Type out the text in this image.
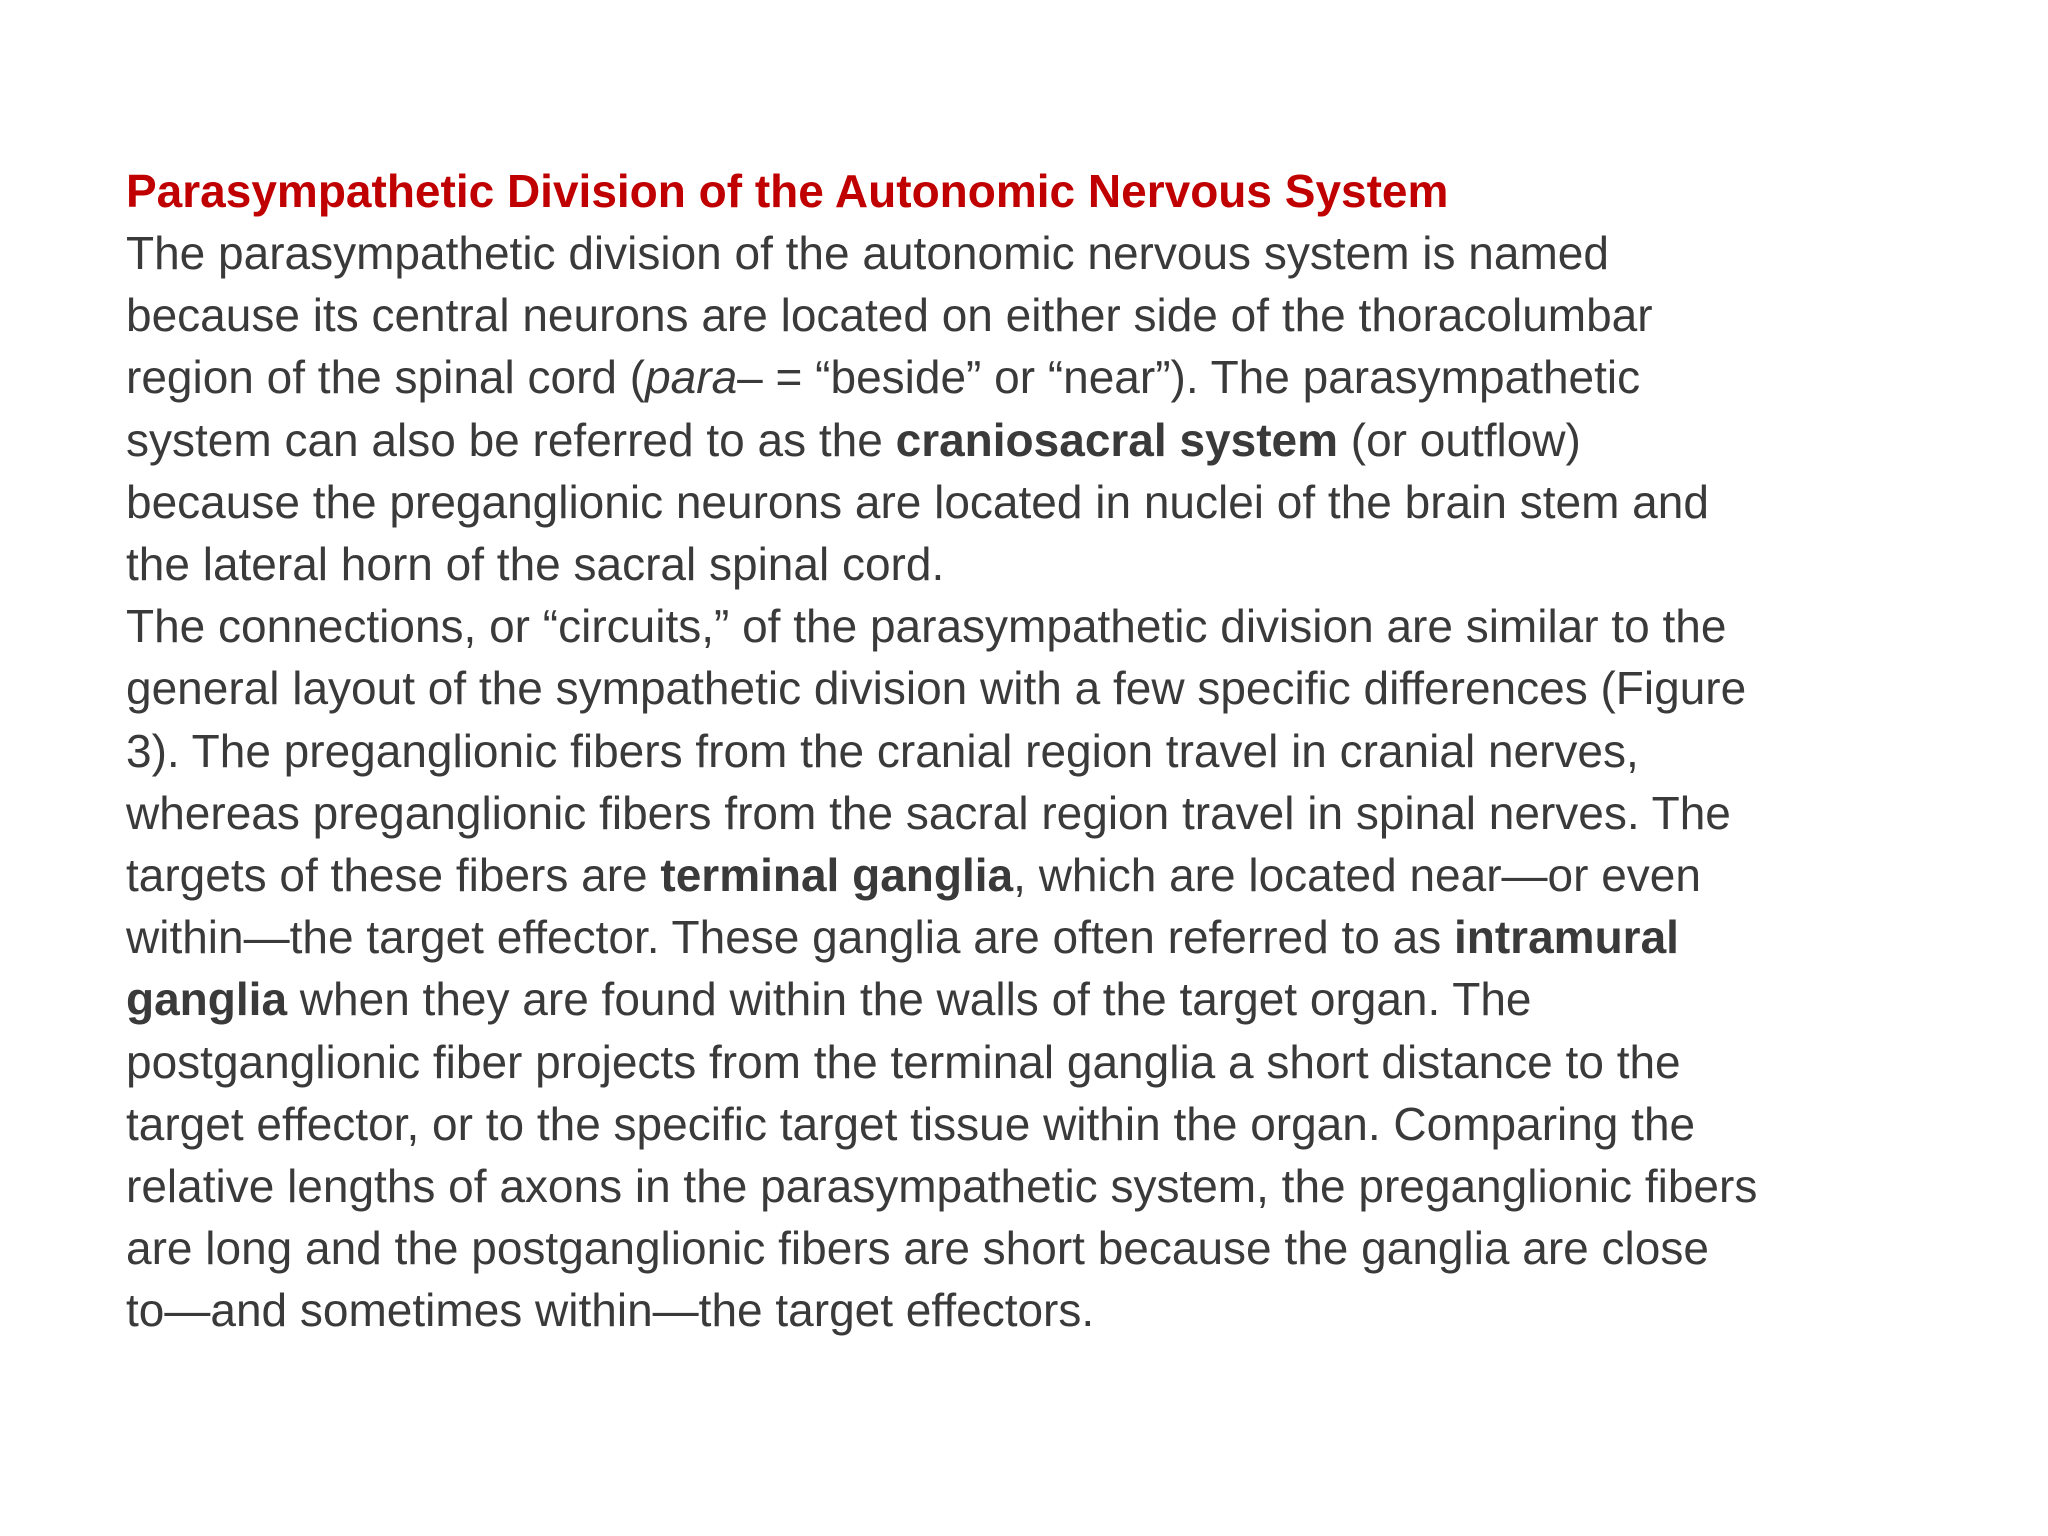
Parasympathetic Division of the Autonomic Nervous System

The parasympathetic division of the autonomic nervous system is named
because its central neurons are located on either side of the thoracolumbar
region of the spinal cord (para– = “beside” or “near”). The parasympathetic
system can also be referred to as the craniosacral system (or outflow)
because the preganglionic neurons are located in nuclei of the brain stem and
the lateral horn of the sacral spinal cord.

The connections, or “circuits,” of the parasympathetic division are similar to the
general layout of the sympathetic division with a few specific differences (Figure
3). The preganglionic fibers from the cranial region travel in cranial nerves,
whereas preganglionic fibers from the sacral region travel in spinal nerves. The
targets of these fibers are terminal ganglia, which are located near—or even
within—the target effector. These ganglia are often referred to as intramural
ganglia when they are found within the walls of the target organ. The
postganglionic fiber projects from the terminal ganglia a short distance to the
target effector, or to the specific target tissue within the organ. Comparing the
relative lengths of axons in the parasympathetic system, the preganglionic fibers
are long and the postganglionic fibers are short because the ganglia are close
to—and sometimes within—the target effectors.
